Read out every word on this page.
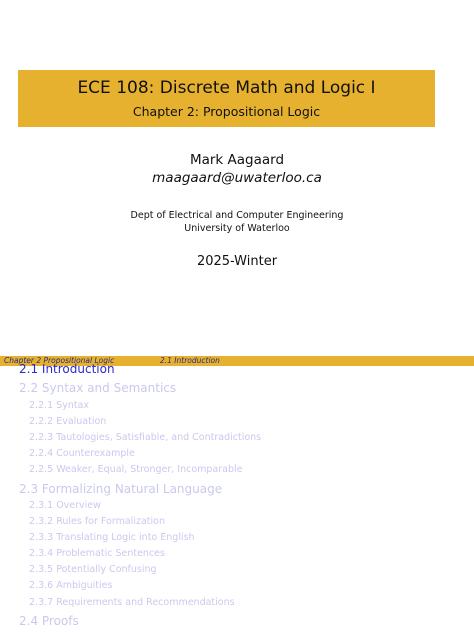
ECE 108: Discrete Math and Logic I
Chapter 2: Propositional Logic
Mark Aagaard
maagaard@uwaterloo.ca
Dept of Electrical and Computer Engineering
University of Waterloo
2025-Winter
Chapter 2 Propositional Logic	2.1 Introduction
2.1 Introduction
2.2 Syntax and Semantics
2.2.1 Syntax
2.2.2 Evaluation
2.2.3 Tautologies, Satisfiable, and Contradictions
2.2.4 Counterexample
2.2.5 Weaker, Equal, Stronger, Incomparable
2.3 Formalizing Natural Language
2.3.1 Overview
2.3.2 Rules for Formalization
2.3.3 Translating Logic into English
2.3.4 Problematic Sentences
2.3.5 Potentially Confusing
2.3.6 Ambiguities
2.3.7 Requirements and Recommendations
2.4 Proofs
